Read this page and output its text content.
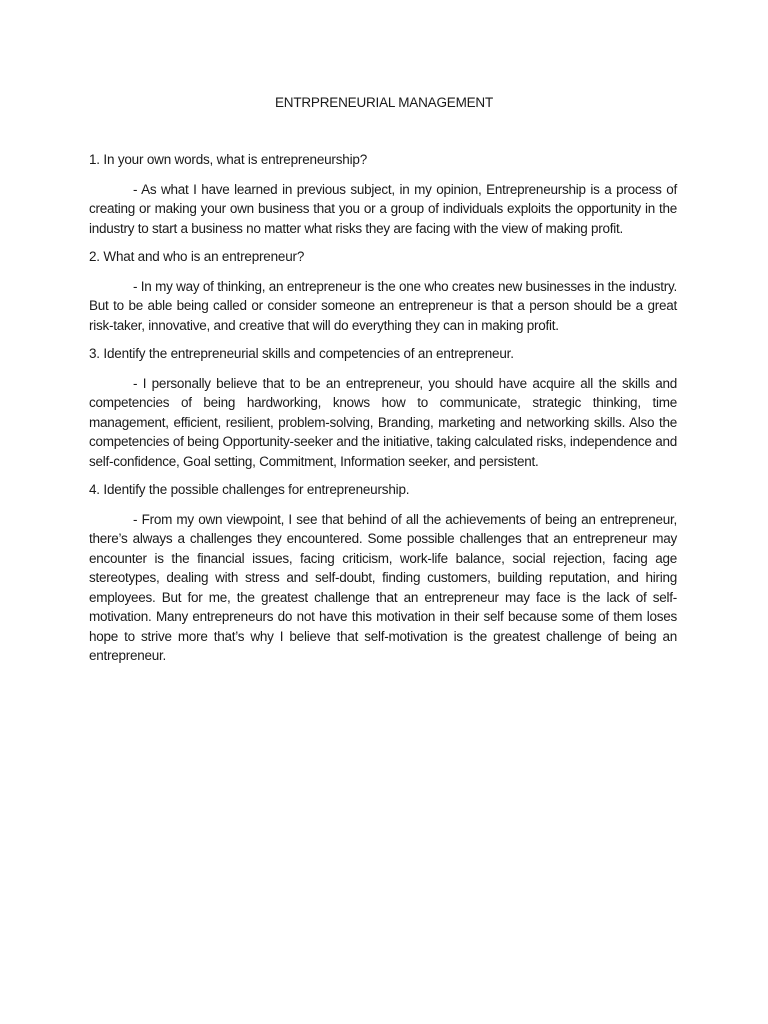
ENTRPRENEURIAL MANAGEMENT

1. In your own words, what is entrepreneurship?

- As what I have learned in previous subject, in my opinion, Entrepreneurship is a process of creating or making your own business that you or a group of individuals exploits the opportunity in the industry to start a business no matter what risks they are facing with the view of making profit.

2. What and who is an entrepreneur?

- In my way of thinking, an entrepreneur is the one who creates new businesses in the industry. But to be able being called or consider someone an entrepreneur is that a person should be a great risk-taker, innovative, and creative that will do everything they can in making profit.

3. Identify the entrepreneurial skills and competencies of an entrepreneur.

- I personally believe that to be an entrepreneur, you should have acquire all the skills and competencies of being hardworking, knows how to communicate, strategic thinking, time management, efficient, resilient, problem-solving, Branding, marketing and networking skills. Also the competencies of being Opportunity-seeker and the initiative, taking calculated risks, independence and self-confidence, Goal setting, Commitment, Information seeker, and persistent.

4. Identify the possible challenges for entrepreneurship.

- From my own viewpoint, I see that behind of all the achievements of being an entrepreneur, there’s always a challenges they encountered. Some possible challenges that an entrepreneur may encounter is the financial issues, facing criticism, work-life balance, social rejection, facing age stereotypes, dealing with stress and self-doubt, finding customers, building reputation, and hiring employees. But for me, the greatest challenge that an entrepreneur may face is the lack of self-motivation. Many entrepreneurs do not have this motivation in their self because some of them loses hope to strive more that’s why I believe that self-motivation is the greatest challenge of being an entrepreneur.
